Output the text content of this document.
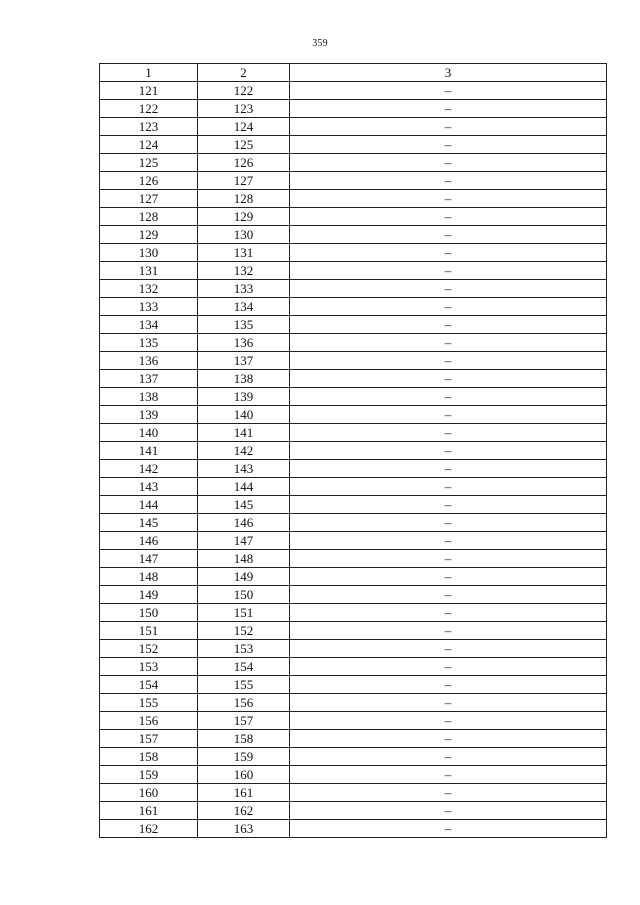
359
1	2	3
121	122	–
122	123	–
123	124	–
124	125	–
125	126	–
126	127	–
127	128	–
128	129	–
129	130	–
130	131	–
131	132	–
132	133	–
133	134	–
134	135	–
135	136	–
136	137	–
137	138	–
138	139	–
139	140	–
140	141	–
141	142	–
142	143	–
143	144	–
144	145	–
145	146	–
146	147	–
147	148	–
148	149	–
149	150	–
150	151	–
151	152	–
152	153	–
153	154	–
154	155	–
155	156	–
156	157	–
157	158	–
158	159	–
159	160	–
160	161	–
161	162	–
162	163	–
